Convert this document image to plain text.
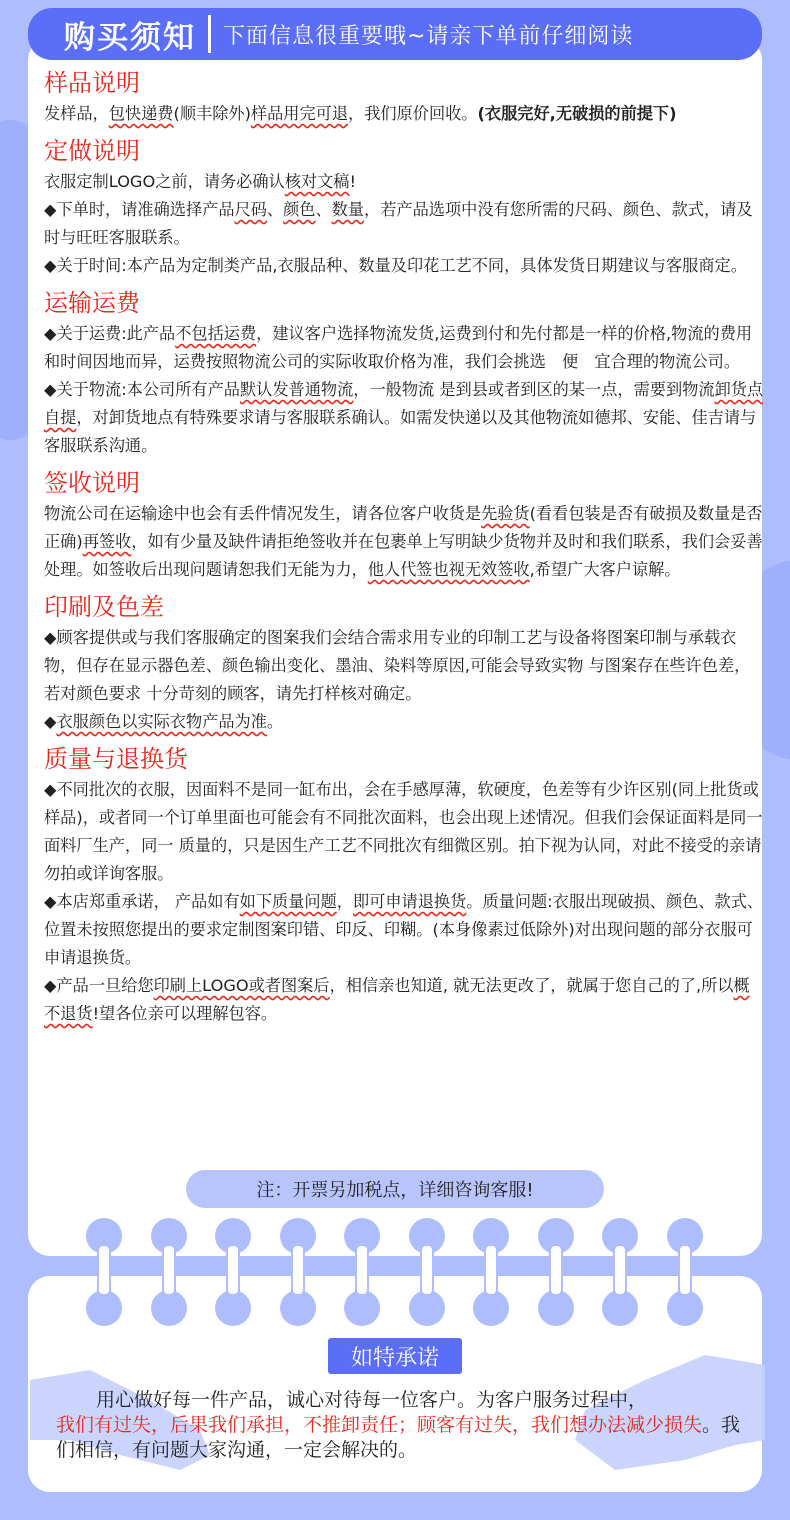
购买须知 下面信息很重要哦~请亲下单前仔细阅读
样品说明

发样品，包快递费(顺丰除外)样品用完可退，我们原价回收。(衣服完好,无破损的前提下)

定做说明

衣服定制LOGO之前，请务必确认核对文稿!

◆下单时，请准确选择产品尺码、颜色、数量，若产品选项中没有您所需的尺码、颜色、款式，请及时与旺旺客服联系。

◆关于时间:本产品为定制类产品,衣服品种、数量及印花工艺不同，具体发货日期建议与客服商定。

运输运费

◆关于运费:此产品不包括运费，建议客户选择物流发货,运费到付和先付都是一样的价格,物流的费用和时间因地而异，运费按照物流公司的实际收取价格为准，我们会挑选　便　宜合理的物流公司。

◆关于物流:本公司所有产品默认发普通物流，一般物流 是到县或者到区的某一点，需要到物流卸货点自提，对卸货地点有特殊要求请与客服联系确认。如需发快递以及其他物流如德邦、安能、佳吉请与客服联系沟通。

签收说明

物流公司在运输途中也会有丢件情况发生，请各位客户收货是先验货(看看包装是否有破损及数量是否正确)再签收，如有少量及缺件请拒绝签收并在包裹单上写明缺少货物并及时和我们联系，我们会妥善处理。如签收后出现问题请恕我们无能为力，他人代签也视无效签收,希望广大客户谅解。

印刷及色差

◆顾客提供或与我们客服确定的图案我们会结合需求用专业的印制工艺与设备将图案印制与承载衣物，但存在显示器色差、颜色输出变化、墨油、染料等原因,可能会导致实物 与图案存在些许色差，若对颜色要求 十分苛刻的顾客，请先打样核对确定。

◆衣服颜色以实际衣物产品为准。

质量与退换货

◆不同批次的衣服，因面料不是同一缸布出，会在手感厚薄，软硬度，色差等有少许区别(同上批货或样品)，或者同一个订单里面也可能会有不同批次面料，也会出现上述情况。但我们会保证面料是同一面料厂生产，同一 质量的，只是因生产工艺不同批次有细微区别。拍下视为认同，对此不接受的亲请勿拍或详询客服。

◆本店郑重承诺， 产品如有如下质量问题，即可申请退换货。质量问题:衣服出现破损、颜色、款式、位置未按照您提出的要求定制图案印错、印反、印糊。(本身像素过低除外)对出现问题的部分衣服可申请退换货。

◆产品一旦给您印刷上LOGO或者图案后，相信亲也知道, 就无法更改了，就属于您自己的了,所以概不退货!望各位亲可以理解包容。

注：开票另加税点，详细咨询客服!
如特承诺
用心做好每一件产品，诚心对待每一位客户。为客户服务过程中，
我们有过失，后果我们承担，不推卸责任；顾客有过失，我们想办法减少损失。我们相信，有问题大家沟通，一定会解决的。
